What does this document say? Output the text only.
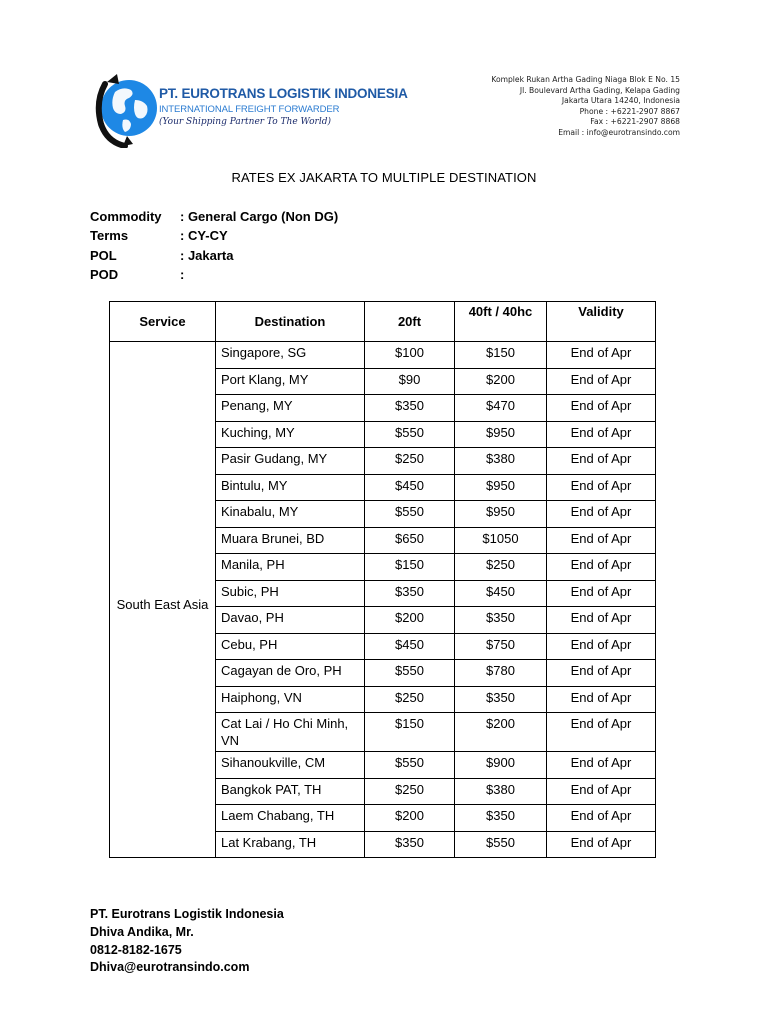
PT. EUROTRANS LOGISTIK INDONESIA
INTERNATIONAL FREIGHT FORWARDER
(Your Shipping Partner To The World)
Komplek Rukan Artha Gading Niaga Blok E No. 15
Jl. Boulevard Artha Gading, Kelapa Gading
Jakarta Utara 14240, Indonesia
Phone : +6221-2907 8867
Fax : +6221-2907 8868
Email : info@eurotransindo.com
RATES EX JAKARTA TO MULTIPLE DESTINATION
Commodity	: General Cargo (Non DG)
Terms	: CY-CY
POL	: Jakarta
POD	:
Service	Destination	20ft	40ft / 40hc	Validity
South East Asia	Singapore, SG	$100	$150	End of Apr
	Port Klang, MY	$90	$200	End of Apr
	Penang, MY	$350	$470	End of Apr
	Kuching, MY	$550	$950	End of Apr
	Pasir Gudang, MY	$250	$380	End of Apr
	Bintulu, MY	$450	$950	End of Apr
	Kinabalu, MY	$550	$950	End of Apr
	Muara Brunei, BD	$650	$1050	End of Apr
	Manila, PH	$150	$250	End of Apr
	Subic, PH	$350	$450	End of Apr
	Davao, PH	$200	$350	End of Apr
	Cebu, PH	$450	$750	End of Apr
	Cagayan de Oro, PH	$550	$780	End of Apr
	Haiphong, VN	$250	$350	End of Apr
	Cat Lai / Ho Chi Minh, VN	$150	$200	End of Apr
	Sihanoukville, CM	$550	$900	End of Apr
	Bangkok PAT, TH	$250	$380	End of Apr
	Laem Chabang, TH	$200	$350	End of Apr
	Lat Krabang, TH	$350	$550	End of Apr
PT. Eurotrans Logistik Indonesia
Dhiva Andika, Mr.
0812-8182-1675
Dhiva@eurotransindo.com
